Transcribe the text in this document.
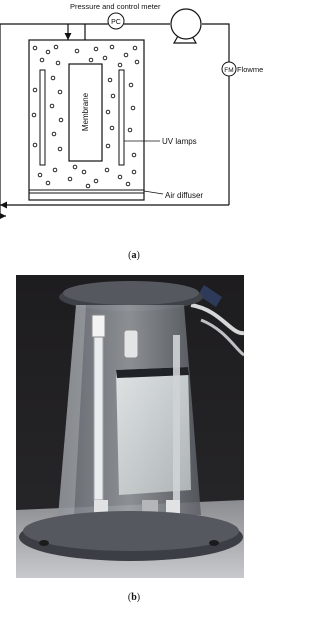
Pressure and control meter
PC
FM Flowme
Membrane
UV lamps
Air diffuser
(a)
(b)
